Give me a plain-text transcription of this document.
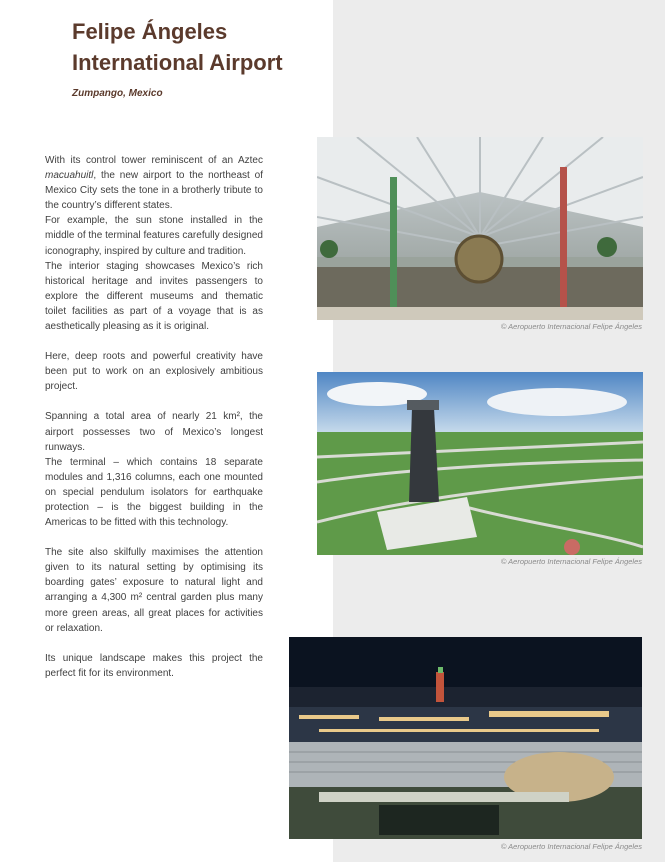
Felipe Ángeles
International Airport
Zumpango, Mexico

With its control tower reminiscent of an Aztec macuahuitl, the new airport to the northeast of Mexico City sets the tone in a brotherly tribute to the country’s different states.

For example, the sun stone installed in the middle of the terminal features carefully designed iconography, inspired by culture and tradition.

The interior staging showcases Mexico’s rich historical heritage and invites passengers to explore the different museums and thematic toilet facilities as part of a voyage that is as aesthetically pleasing as it is original.

Here, deep roots and powerful creativity have been put to work on an explosively ambitious project.

Spanning a total area of nearly 21 km², the airport possesses two of Mexico’s longest runways.

The terminal – which contains 18 separate modules and 1,316 columns, each one mounted on special pendulum isolators for earthquake protection – is the biggest building in the Americas to be fitted with this technology.

The site also skilfully maximises the attention given to its natural setting by optimising its boarding gates’ exposure to natural light and arranging a 4,300 m² central garden plus many more green areas, all great places for activities or relaxation.

Its unique landscape makes this project the perfect fit for its environment.

© Aeropuerto Internacional Felipe Ángeles
© Aeropuerto Internacional Felipe Ángeles
© Aeropuerto Internacional Felipe Ángeles
